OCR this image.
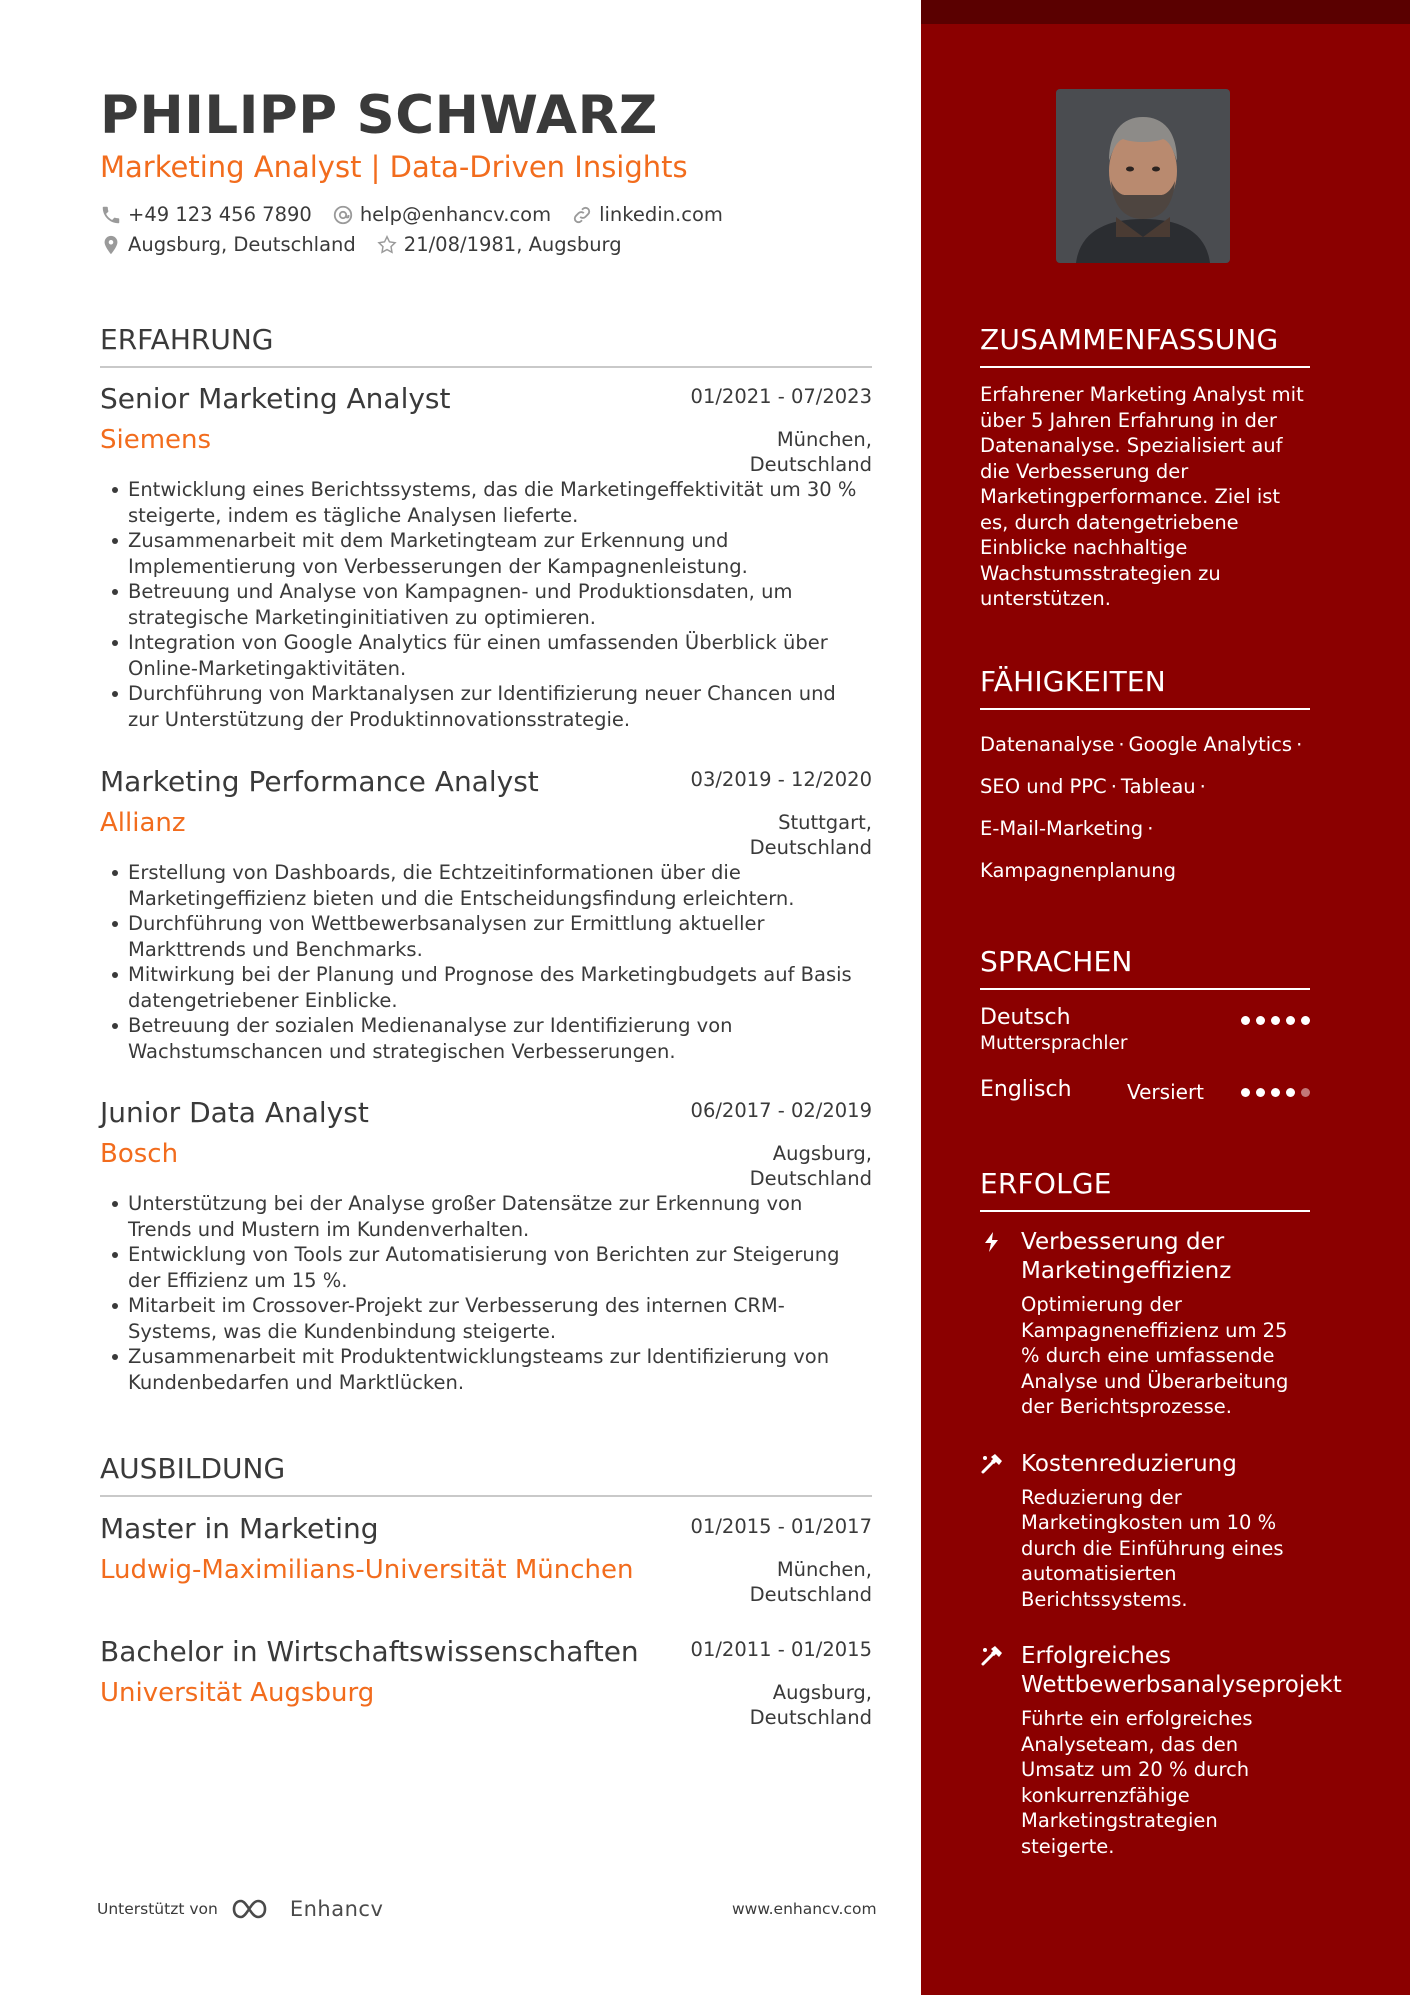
PHILIPP SCHWARZ
Marketing Analyst | Data-Driven Insights
+49 123 456 7890 help@enhancv.com linkedin.com
Augsburg, Deutschland 21/08/1981, Augsburg
ERFAHRUNG
Senior Marketing Analyst	01/2021 - 07/2023
Siemens	München,
Deutschland
Entwicklung eines Berichtssystems, das die Marketingeffektivität um 30 % steigerte, indem es tägliche Analysen lieferte.
Zusammenarbeit mit dem Marketingteam zur Erkennung und Implementierung von Verbesserungen der Kampagnenleistung.
Betreuung und Analyse von Kampagnen- und Produktionsdaten, um strategische Marketinginitiativen zu optimieren.
Integration von Google Analytics für einen umfassenden Überblick über Online-Marketingaktivitäten.
Durchführung von Marktanalysen zur Identifizierung neuer Chancen und zur Unterstützung der Produktinnovationsstrategie.
Marketing Performance Analyst	03/2019 - 12/2020
Allianz	Stuttgart,
Deutschland
Erstellung von Dashboards, die Echtzeitinformationen über die Marketingeffizienz bieten und die Entscheidungsfindung erleichtern.
Durchführung von Wettbewerbsanalysen zur Ermittlung aktueller Markttrends und Benchmarks.
Mitwirkung bei der Planung und Prognose des Marketingbudgets auf Basis datengetriebener Einblicke.
Betreuung der sozialen Medienanalyse zur Identifizierung von Wachstumschancen und strategischen Verbesserungen.
Junior Data Analyst	06/2017 - 02/2019
Bosch	Augsburg,
Deutschland
Unterstützung bei der Analyse großer Datensätze zur Erkennung von Trends und Mustern im Kundenverhalten.
Entwicklung von Tools zur Automatisierung von Berichten zur Steigerung der Effizienz um 15 %.
Mitarbeit im Crossover-Projekt zur Verbesserung des internen CRM-Systems, was die Kundenbindung steigerte.
Zusammenarbeit mit Produktentwicklungsteams zur Identifizierung von Kundenbedarfen und Marktlücken.
AUSBILDUNG
Master in Marketing	01/2015 - 01/2017
Ludwig-Maximilians-Universität München	München,
Deutschland
Bachelor in Wirtschaftswissenschaften	01/2011 - 01/2015
Universität Augsburg	Augsburg,
Deutschland
Unterstützt von	Enhancv	www.enhancv.com
ZUSAMMENFASSUNG
Erfahrener Marketing Analyst mit über 5 Jahren Erfahrung in der Datenanalyse. Spezialisiert auf die Verbesserung der Marketingperformance. Ziel ist es, durch datengetriebene Einblicke nachhaltige Wachstumsstrategien zu unterstützen.
FÄHIGKEITEN
Datenanalyse · Google Analytics ·
SEO und PPC · Tableau ·
E-Mail-Marketing ·
Kampagnenplanung
SPRACHEN
Deutsch
Muttersprachler
Englisch	Versiert
ERFOLGE
Verbesserung der Marketingeffizienz
Optimierung der Kampagneneffizienz um 25 % durch eine umfassende Analyse und Überarbeitung der Berichtsprozesse.
Kostenreduzierung
Reduzierung der Marketingkosten um 10 % durch die Einführung eines automatisierten Berichtssystems.
Erfolgreiches Wettbewerbsanalyseprojekt
Führte ein erfolgreiches Analyseteam, das den Umsatz um 20 % durch konkurrenzfähige Marketingstrategien steigerte.
